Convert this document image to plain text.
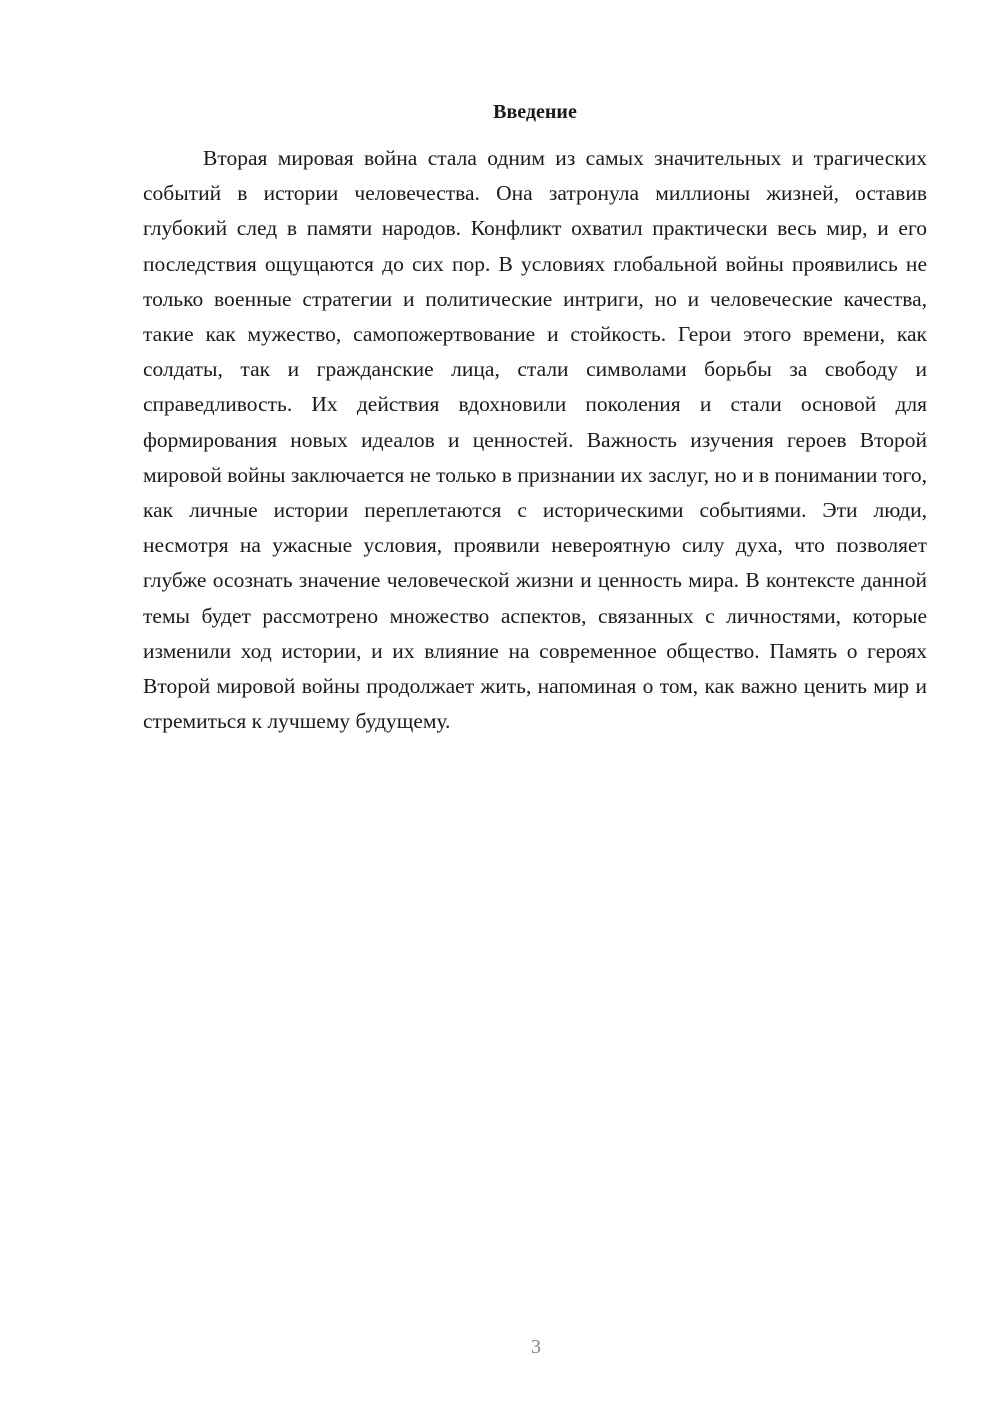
Введение

Вторая мировая война стала одним из самых значительных и трагических событий в истории человечества. Она затронула миллионы жизней, оставив глубокий след в памяти народов. Конфликт охватил практически весь мир, и его последствия ощущаются до сих пор. В условиях глобальной войны проявились не только военные стратегии и политические интриги, но и человеческие качества, такие как мужество, самопожертвование и стойкость. Герои этого времени, как солдаты, так и гражданские лица, стали символами борьбы за свободу и справедливость. Их действия вдохновили поколения и стали основой для формирования новых идеалов и ценностей. Важность изучения героев Второй мировой войны заключается не только в признании их заслуг, но и в понимании того, как личные истории переплетаются с историческими событиями. Эти люди, несмотря на ужасные условия, проявили невероятную силу духа, что позволяет глубже осознать значение человеческой жизни и ценность мира. В контексте данной темы будет рассмотрено множество аспектов, связанных с личностями, которые изменили ход истории, и их влияние на современное общество. Память о героях Второй мировой войны продолжает жить, напоминая о том, как важно ценить мир и стремиться к лучшему будущему.

3
